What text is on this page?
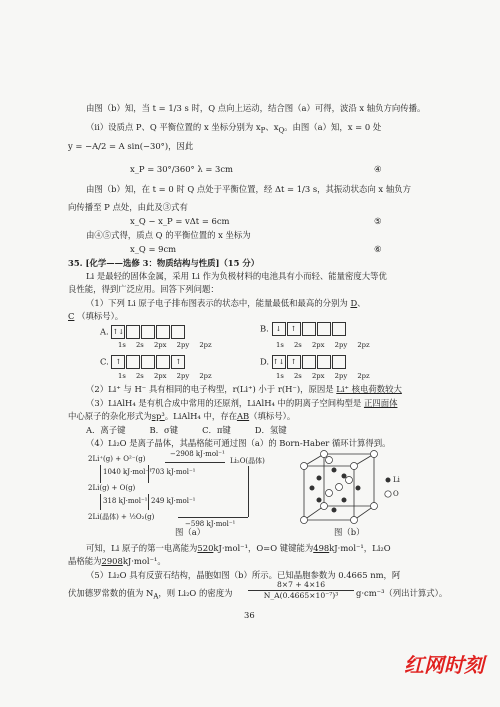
由图（b）知，当 t = 1/3 s 时，Q 点向上运动，结合图（a）可得，波沿 x 轴负方向传播。
（ii）设质点 P、Q 平衡位置的 x 坐标分别为 $x_P$、$x_Q$。由图（a）知，x = 0 处
y = −A/2 = A sin(−30°)，因此
x_P = 30°/360° λ = 3cm	④
由图（b）知，在 t = 0 时 Q 点处于平衡位置，经 Δt = 1/3 s，其振动状态向 x 轴负方
向传播至 P 点处，由此及③式有
x_Q − x_P = vΔt = 6cm	⑤
由④⑤式得，质点 Q 的平衡位置的 x 坐标为
x_Q = 9cm	⑥
35. [化学——选修 3：物质结构与性质]（15 分）
Li 是最轻的固体金属，采用 Li 作为负极材料的电池具有小而轻、能量密度大等优
良性能，得到广泛应用。回答下列问题：
（1）下列 Li 原子电子排布图表示的状态中，能量最低和最高的分别为 D、
C （填标号）。
A. ↑↓	B. ↓ ↑
1s 2s 2px 2py 2pz	1s 2s 2px 2py 2pz
C. ↑	↑	D. ↑↓ ↑
1s 2s 2px 2py 2pz	1s 2s 2px 2py 2pz
（2）Li⁺ 与 H⁻ 具有相同的电子构型，r(Li⁺) 小于 r(H⁻)，原因是 Li⁺ 核电荷数较大
（3）LiAlH₄ 是有机合成中常用的还原剂，LiAlH₄ 中的阴离子空间构型是 正四面体
中心原子的杂化形式为sp³。LiAlH₄ 中，存在AB（填标号）。
A．离子键	B．σ键	C．π键	D．氢键
（4）Li₂O 是离子晶体，其晶格能可通过图（a）的 Born-Haber 循环计算得到。
2Li⁺(g) + O²⁻(g)
−2908 kJ·mol⁻¹
Li₂O(晶体)
1040 kJ·mol⁻¹ 703 kJ·mol⁻¹
2Li(g) + O(g)
318 kJ·mol⁻¹ 249 kJ·mol⁻¹
2Li(晶体) + ½O₂(g)
−598 kJ·mol⁻¹
Li
O
图（a）	图（b）
可知，Li 原子的第一电离能为520kJ·mol⁻¹，O=O 键键能为498kJ·mol⁻¹，Li₂O
晶格能为2908kJ·mol⁻¹。
（5）Li₂O 具有反萤石结构，晶胞如图（b）所示。已知晶胞参数为 0.4665 nm，阿
伏加德罗常数的值为 $N_A$，则 Li₂O 的密度为 $\frac{8\times 7 + 4\times 16}{\text{N\_A(0.4665×10⁻⁷)³}} g\cdot cm^{-3}$（列出计算式）。
36
红网时刻
